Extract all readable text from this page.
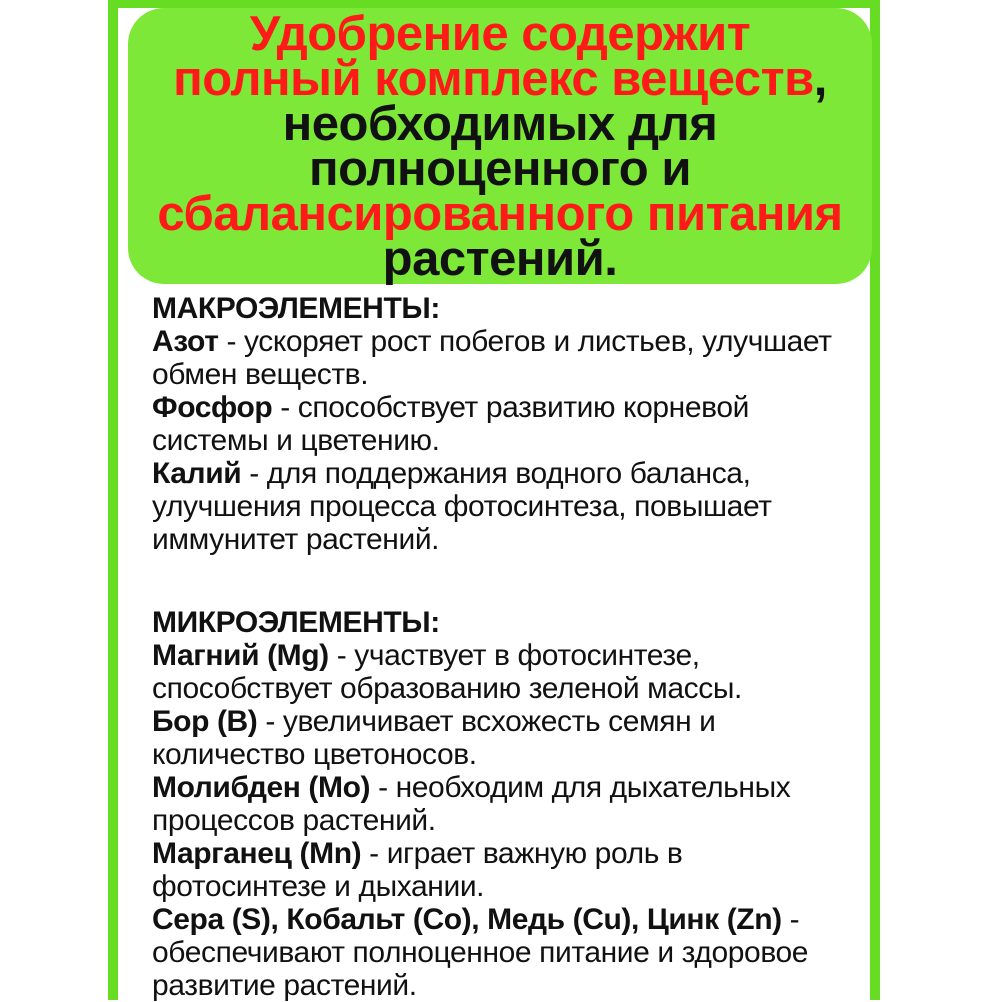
Удобрение содержит
полный комплекс веществ,
необходимых для
полноценного и
сбалансированного питания
растений.

МАКРОЭЛЕМЕНТЫ:

Азот - ускоряет рост побегов и листьев, улучшает обмен веществ.

Фосфор - способствует развитию корневой системы и цветению.

Калий - для поддержания водного баланса, улучшения процесса фотосинтеза, повышает иммунитет растений.

МИКРОЭЛЕМЕНТЫ:

Магний (Mg) - участвует в фотосинтезе, способствует образованию зеленой массы.

Бор (B) - увеличивает всхожесть семян и количество цветоносов.

Молибден (Mo) - необходим для дыхательных процессов растений.

Марганец (Mn) - играет важную роль в фотосинтезе и дыхании.

Сера (S), Кобальт (Co), Медь (Cu), Цинк (Zn) - обеспечивают полноценное питание и здоровое развитие растений.
